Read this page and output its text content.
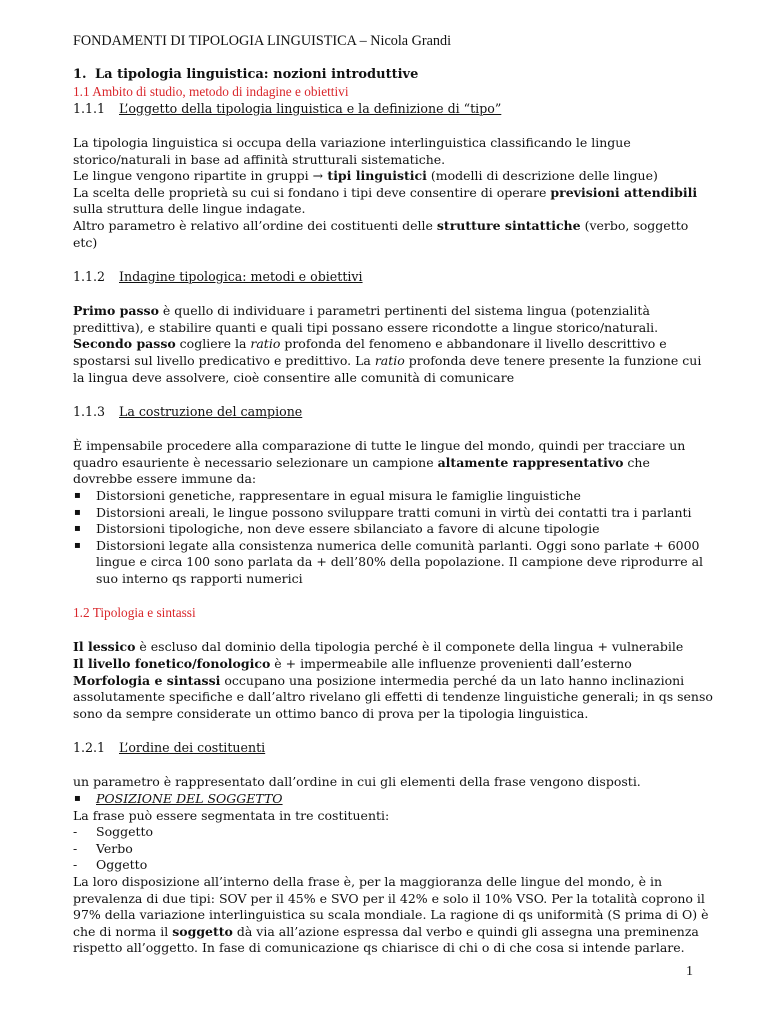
FONDAMENTI DI TIPOLOGIA LINGUISTICA – Nicola Grandi
1. La tipologia linguistica: nozioni introduttive
1.1 Ambito di studio, metodo di indagine e obiettivi
1.1.1 L’oggetto della tipologia linguistica e la definizione di “tipo”

La tipologia linguistica si occupa della variazione interlinguistica classificando le lingue storico/naturali in base ad affinità strutturali sistematiche.

Le lingue vengono ripartite in gruppi → tipi linguistici (modelli di descrizione delle lingue)

La scelta delle proprietà su cui si fondano i tipi deve consentire di operare previsioni attendibili sulla struttura delle lingue indagate.

Altro parametro è relativo all’ordine dei costituenti delle strutture sintattiche (verbo, soggetto etc)

1.1.2 Indagine tipologica: metodi e obiettivi

Primo passo è quello di individuare i parametri pertinenti del sistema lingua (potenzialità predittiva), e stabilire quanti e quali tipi possano essere ricondotte a lingue storico/naturali.

Secondo passo cogliere la ratio profonda del fenomeno e abbandonare il livello descrittivo e spostarsi sul livello predicativo e predittivo. La ratio profonda deve tenere presente la funzione cui la lingua deve assolvere, cioè consentire alle comunità di comunicare

1.1.3 La costruzione del campione

È impensabile procedere alla comparazione di tutte le lingue del mondo, quindi per tracciare un quadro esauriente è necessario selezionare un campione altamente rappresentativo che dovrebbe essere immune da:

▪ Distorsioni genetiche, rappresentare in egual misura le famiglie linguistiche
▪ Distorsioni areali, le lingue possono sviluppare tratti comuni in virtù dei contatti tra i parlanti
▪ Distorsioni tipologiche, non deve essere sbilanciato a favore di alcune tipologie
▪ Distorsioni legate alla consistenza numerica delle comunità parlanti. Oggi sono parlate + 6000 lingue e circa 100 sono parlata da + dell’80% della popolazione. Il campione deve riprodurre al suo interno qs rapporti numerici
1.2 Tipologia e sintassi

Il lessico è escluso dal dominio della tipologia perché è il componete della lingua + vulnerabile

Il livello fonetico/fonologico è + impermeabile alle influenze provenienti dall’esterno

Morfologia e sintassi occupano una posizione intermedia perché da un lato hanno inclinazioni assolutamente specifiche e dall’altro rivelano gli effetti di tendenze linguistiche generali; in qs senso sono da sempre considerate un ottimo banco di prova per la tipologia linguistica.

1.2.1 L’ordine dei costituenti

un parametro è rappresentato dall’ordine in cui gli elementi della frase vengono disposti.

▪ POSIZIONE DEL SOGGETTO

La frase può essere segmentata in tre costituenti:

- Soggetto
- Verbo
- Oggetto

La loro disposizione all’interno della frase è, per la maggioranza delle lingue del mondo, è in prevalenza di due tipi: SOV per il 45% e SVO per il 42% e solo il 10% VSO. Per la totalità coprono il 97% della variazione interlinguistica su scala mondiale. La ragione di qs uniformità (S prima di O) è che di norma il soggetto dà via all’azione espressa dal verbo e quindi gli assegna una preminenza rispetto all’oggetto. In fase di comunicazione qs chiarisce di chi o di che cosa si intende parlare.

1
